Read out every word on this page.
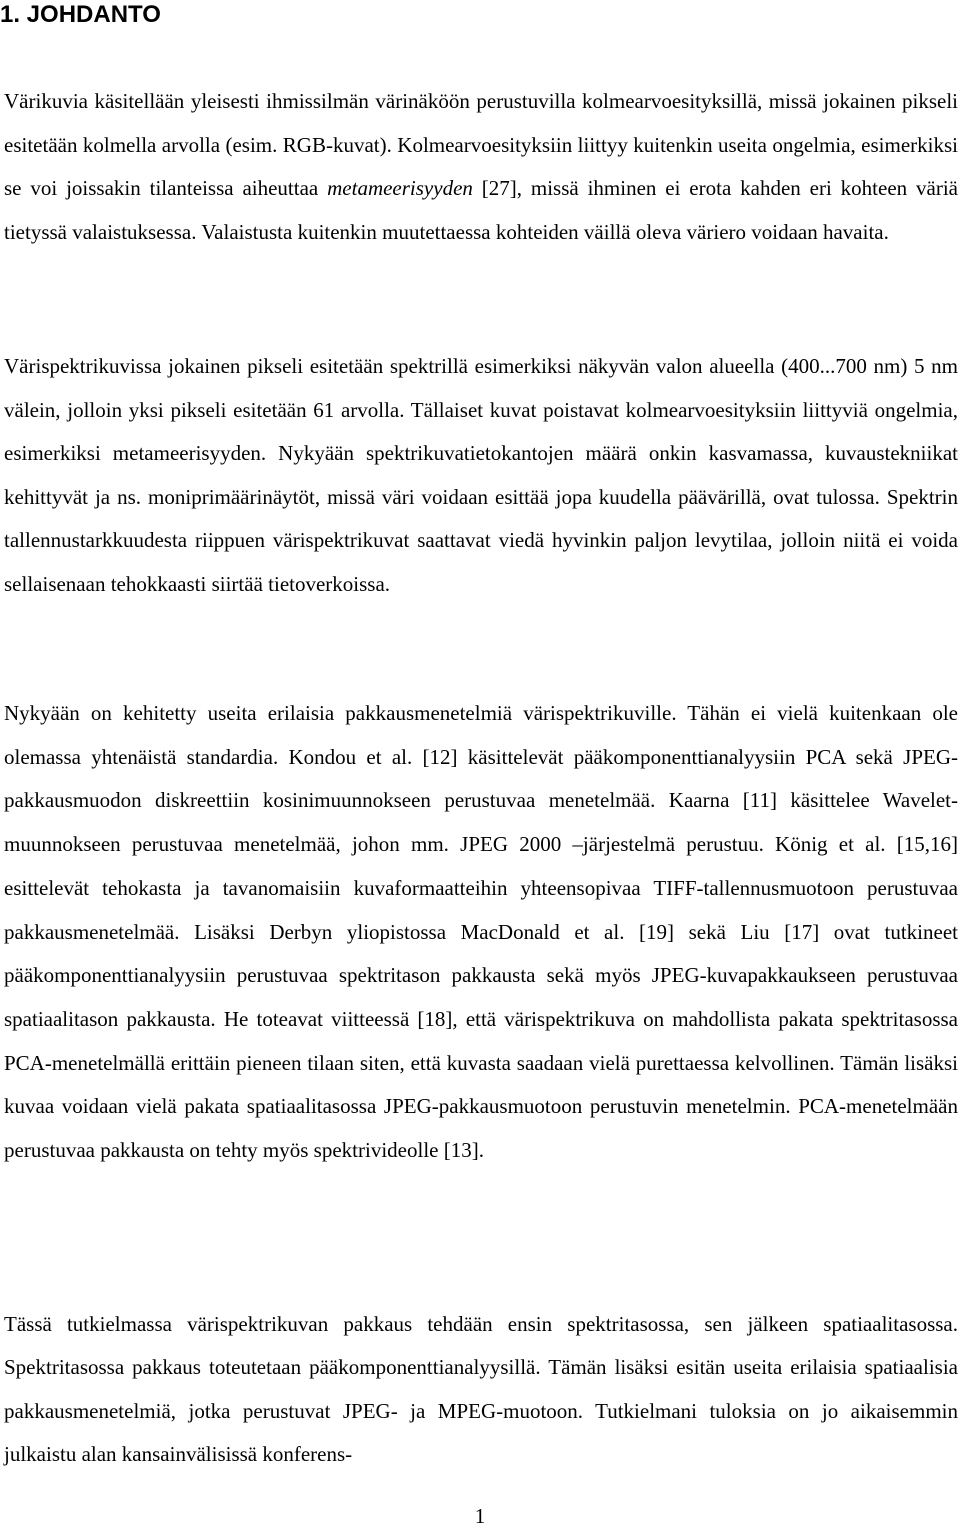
1. JOHDANTO

Värikuvia käsitellään yleisesti ihmissilmän värinäköön perustuvilla kolmearvoesityksillä, missä jokainen pikseli esitetään kolmella arvolla (esim. RGB-kuvat). Kolmearvoesityksiin liittyy kuitenkin useita ongelmia, esimerkiksi se voi joissakin tilanteissa aiheuttaa metameerisyyden [27], missä ihminen ei erota kahden eri kohteen väriä tietyssä valaistuksessa. Valaistusta kuitenkin muutettaessa kohteiden väillä oleva väriero voidaan havaita.

Värispektrikuvissa jokainen pikseli esitetään spektrillä esimerkiksi näkyvän valon alueella (400...700 nm) 5 nm välein, jolloin yksi pikseli esitetään 61 arvolla. Tällaiset kuvat poistavat kolmearvoesityksiin liittyviä ongelmia, esimerkiksi metameerisyyden. Nykyään spektrikuvatietokantojen määrä onkin kasvamassa, kuvaustekniikat kehittyvät ja ns. moniprimäärinäytöt, missä väri voidaan esittää jopa kuudella päävärillä, ovat tulossa. Spektrin tallennustarkkuudesta riippuen värispektrikuvat saattavat viedä hyvinkin paljon levytilaa, jolloin niitä ei voida sellaisenaan tehokkaasti siirtää tietoverkoissa.

Nykyään on kehitetty useita erilaisia pakkausmenetelmiä värispektrikuville. Tähän ei vielä kuitenkaan ole olemassa yhtenäistä standardia. Kondou et al. [12] käsittelevät pääkomponenttianalyysiin PCA sekä JPEG-pakkausmuodon diskreettiin kosinimuunnokseen perustuvaa menetelmää. Kaarna [11] käsittelee Wavelet-muunnokseen perustuvaa menetelmää, johon mm. JPEG 2000 –järjestelmä perustuu. König et al. [15,16] esittelevät tehokasta ja tavanomaisiin kuvaformaatteihin yhteensopivaa TIFF-tallennusmuotoon perustuvaa pakkausmenetelmää. Lisäksi Derbyn yliopistossa MacDonald et al. [19] sekä Liu [17] ovat tutkineet pääkomponenttianalyysiin perustuvaa spektritason pakkausta sekä myös JPEG-kuvapakkaukseen perustuvaa spatiaalitason pakkausta. He toteavat viitteessä [18], että värispektrikuva on mahdollista pakata spektritasossa PCA-menetelmällä erittäin pieneen tilaan siten, että kuvasta saadaan vielä purettaessa kelvollinen. Tämän lisäksi kuvaa voidaan vielä pakata spatiaalitasossa JPEG-pakkausmuotoon perustuvin menetelmin. PCA-menetelmään perustuvaa pakkausta on tehty myös spektrivideolle [13].

Tässä tutkielmassa värispektrikuvan pakkaus tehdään ensin spektritasossa, sen jälkeen spatiaalitasossa. Spektritasossa pakkaus toteutetaan pääkomponenttianalyysillä. Tämän lisäksi esitän useita erilaisia spatiaalisia pakkausmenetelmiä, jotka perustuvat JPEG- ja MPEG-muotoon. Tutkielmani tuloksia on jo aikaisemmin julkaistu alan kansainvälisissä konferens-

1
